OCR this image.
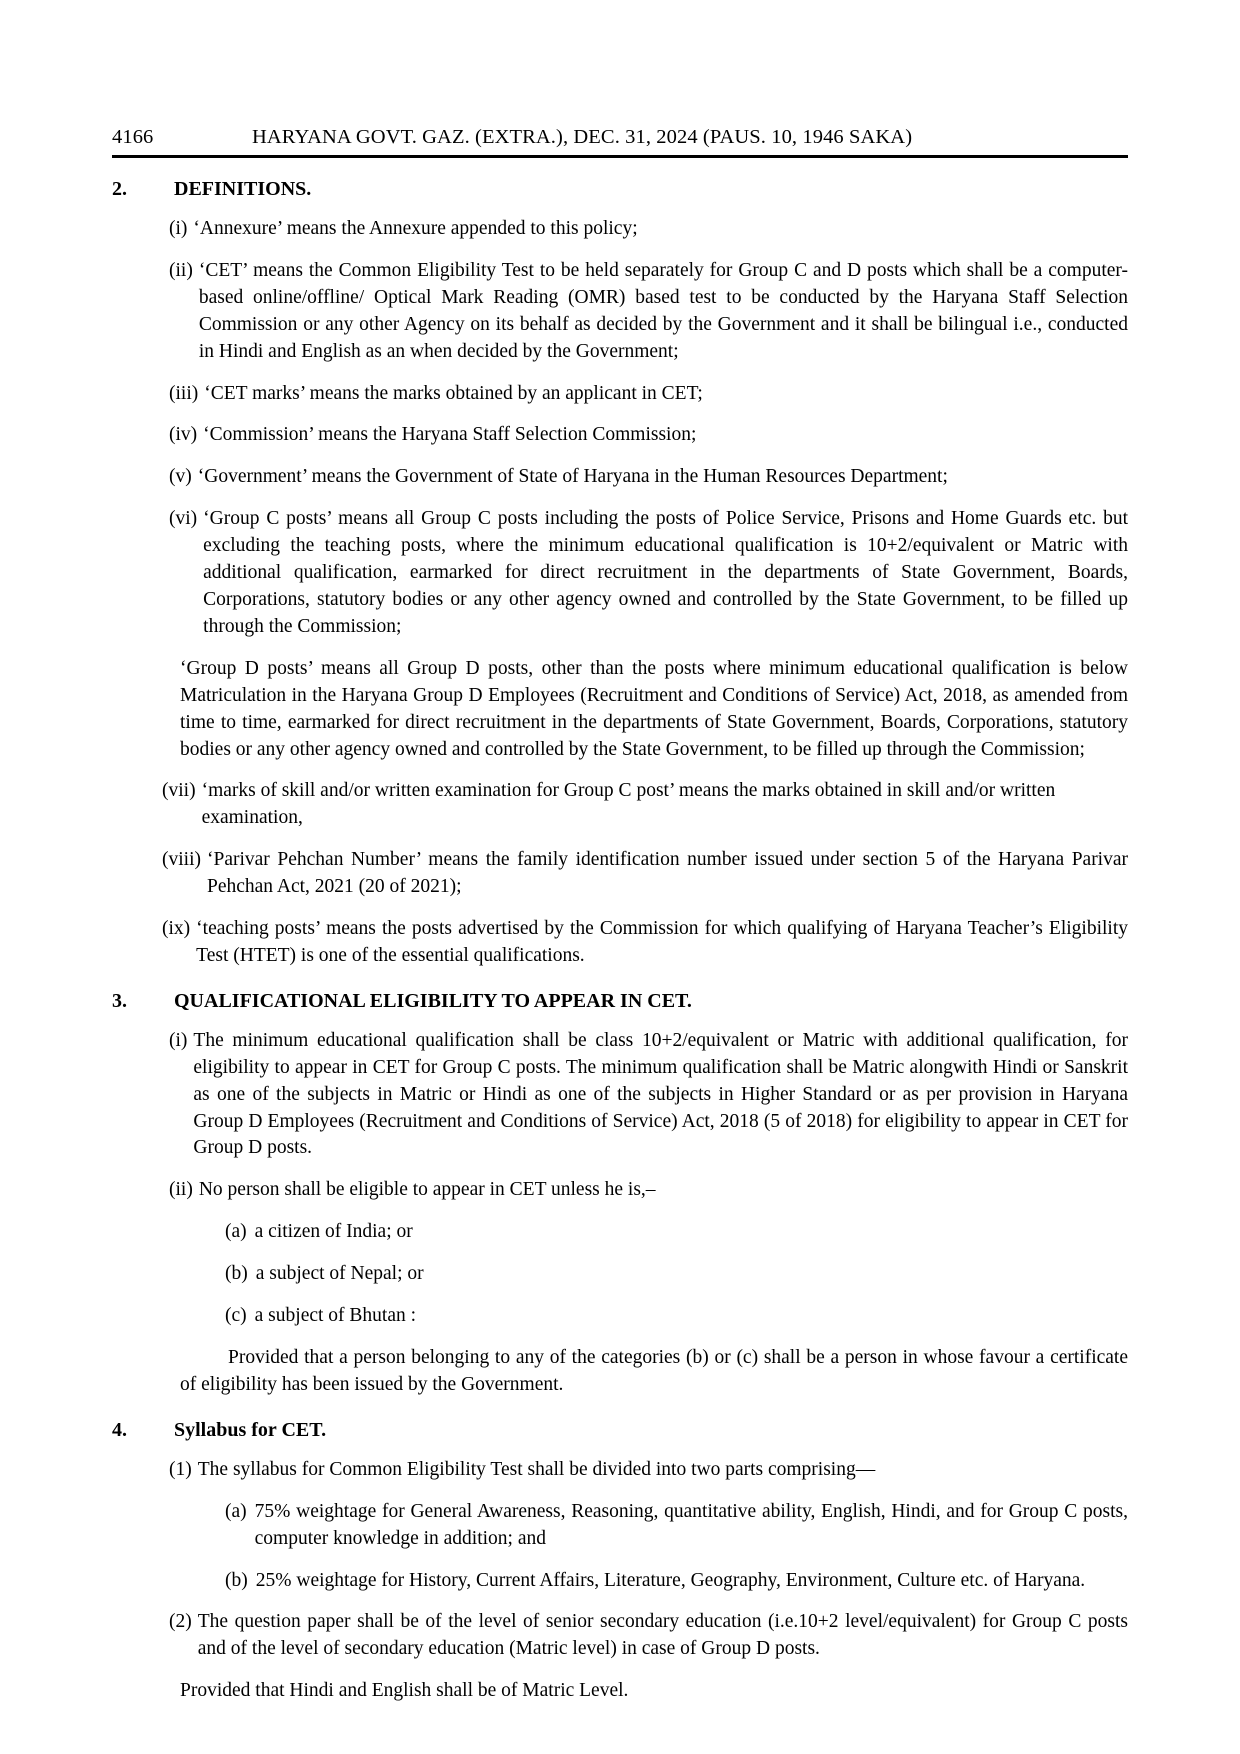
4166	HARYANA GOVT. GAZ. (EXTRA.), DEC. 31, 2024 (PAUS. 10, 1946 SAKA)
2.	DEFINITIONS.
(i) ‘Annexure’ means the Annexure appended to this policy;
(ii) ‘CET’ means the Common Eligibility Test to be held separately for Group C and D posts which shall be a computer-based online/offline/ Optical Mark Reading (OMR) based test to be conducted by the Haryana Staff Selection Commission or any other Agency on its behalf as decided by the Government and it shall be bilingual i.e., conducted in Hindi and English as an when decided by the Government;
(iii) ‘CET marks’ means the marks obtained by an applicant in CET;
(iv) ‘Commission’ means the Haryana Staff Selection Commission;
(v) ‘Government’ means the Government of State of Haryana in the Human Resources Department;
(vi) ‘Group C posts’ means all Group C posts including the posts of Police Service, Prisons and Home Guards etc. but excluding the teaching posts, where the minimum educational qualification is 10+2/equivalent or Matric with additional qualification, earmarked for direct recruitment in the departments of State Government, Boards, Corporations, statutory bodies or any other agency owned and controlled by the State Government, to be filled up through the Commission;
‘Group D posts’ means all Group D posts, other than the posts where minimum educational qualification is below Matriculation in the Haryana Group D Employees (Recruitment and Conditions of Service) Act, 2018, as amended from time to time, earmarked for direct recruitment in the departments of State Government, Boards, Corporations, statutory bodies or any other agency owned and controlled by the State Government, to be filled up through the Commission;
(vii) ‘marks of skill and/or written examination for Group C post’ means the marks obtained in skill and/or written examination,
(viii) ‘Parivar Pehchan Number’ means the family identification number issued under section 5 of the Haryana Parivar Pehchan Act, 2021 (20 of 2021);
(ix) ‘teaching posts’ means the posts advertised by the Commission for which qualifying of Haryana Teacher’s Eligibility Test (HTET) is one of the essential qualifications.
3.	QUALIFICATIONAL ELIGIBILITY TO APPEAR IN CET.
(i) The minimum educational qualification shall be class 10+2/equivalent or Matric with additional qualification, for eligibility to appear in CET for Group C posts. The minimum qualification shall be Matric alongwith Hindi or Sanskrit as one of the subjects in Matric or Hindi as one of the subjects in Higher Standard or as per provision in Haryana Group D Employees (Recruitment and Conditions of Service) Act, 2018 (5 of 2018) for eligibility to appear in CET for Group D posts.
(ii) No person shall be eligible to appear in CET unless he is,–
(a) a citizen of India; or
(b) a subject of Nepal; or
(c) a subject of Bhutan :

Provided that a person belonging to any of the categories (b) or (c) shall be a person in whose favour a certificate of eligibility has been issued by the Government.

4.	Syllabus for CET.
(1) The syllabus for Common Eligibility Test shall be divided into two parts comprising—
(a) 75% weightage for General Awareness, Reasoning, quantitative ability, English, Hindi, and for Group C posts, computer knowledge in addition; and
(b) 25% weightage for History, Current Affairs, Literature, Geography, Environment, Culture etc. of Haryana.
(2) The question paper shall be of the level of senior secondary education (i.e.10+2 level/equivalent) for Group C posts and of the level of secondary education (Matric level) in case of Group D posts.
Provided that Hindi and English shall be of Matric Level.
